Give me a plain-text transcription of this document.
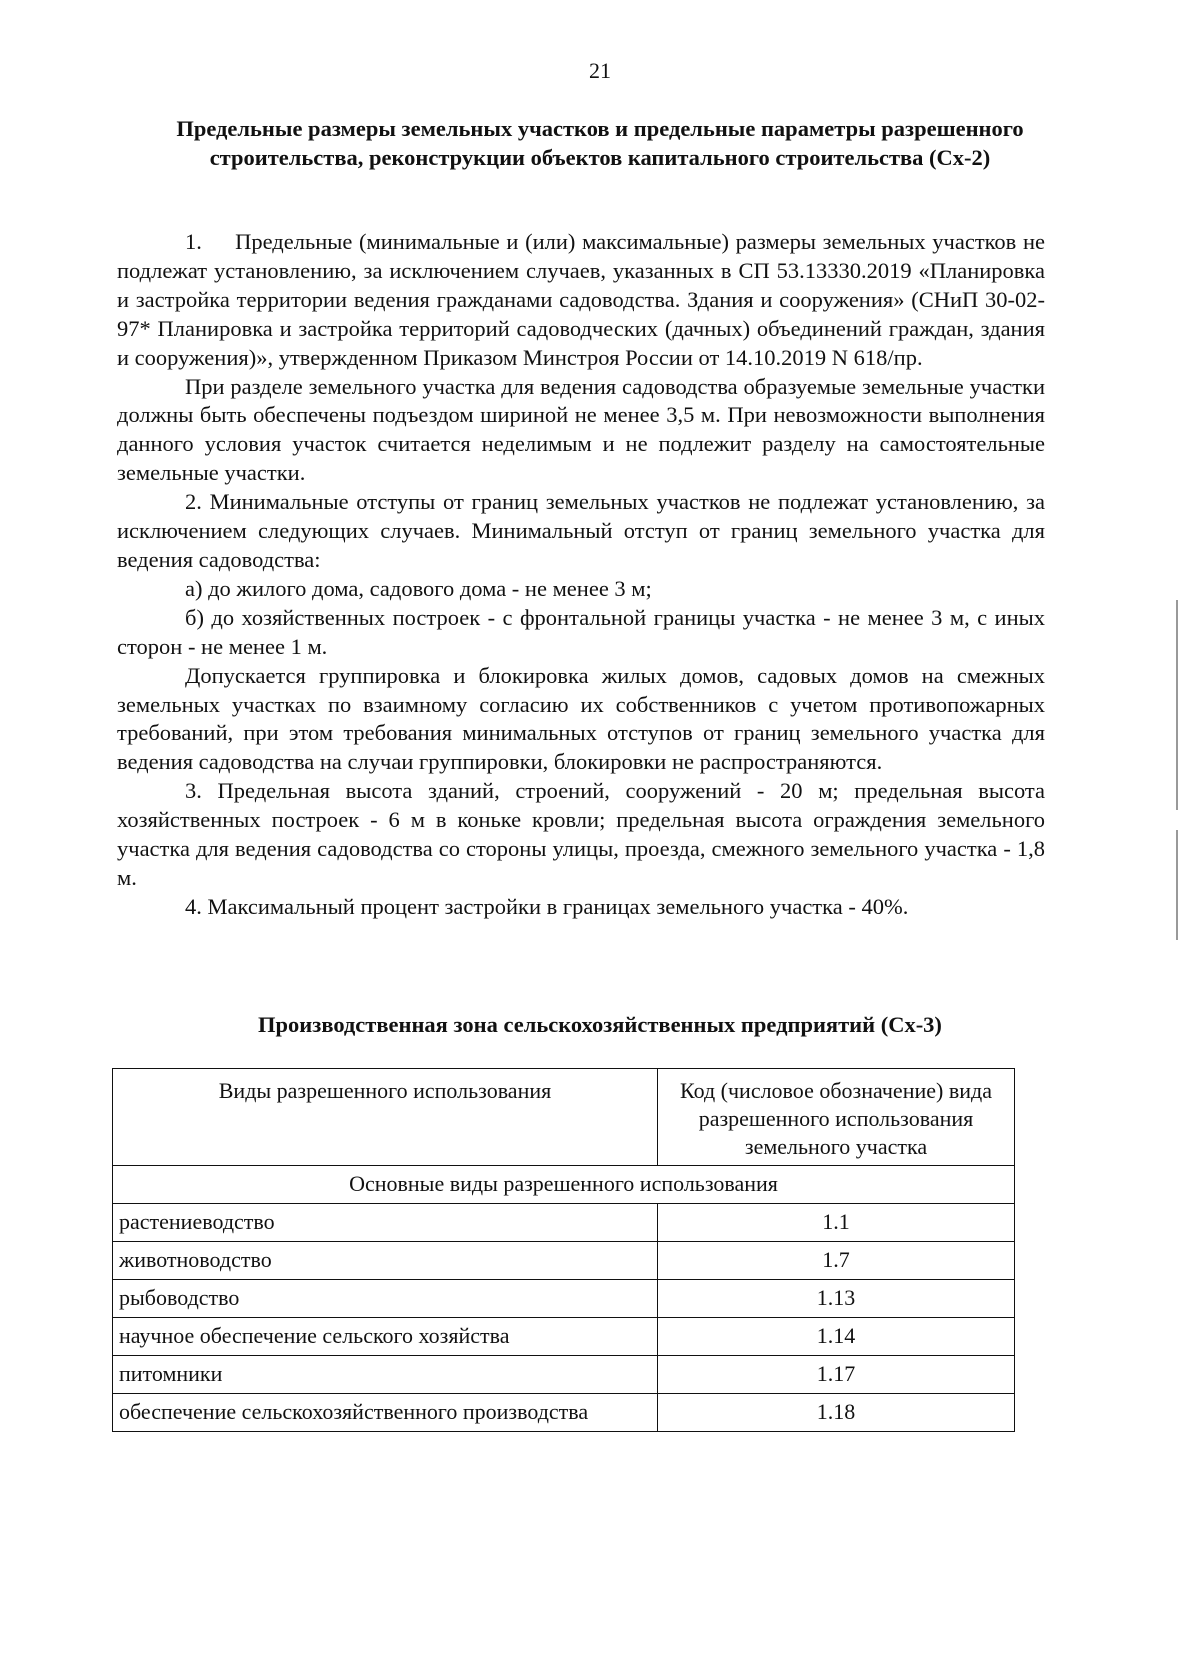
21
Предельные размеры земельных участков и предельные параметры разрешенного строительства, реконструкции объектов капитального строительства (Сх-2)

1.     Предельные (минимальные и (или) максимальные) размеры земельных участков не подлежат установлению, за исключением случаев, указанных в СП 53.13330.2019 «Планировка и застройка территории ведения гражданами садоводства. Здания и сооружения» (СНиП 30-02-97* Планировка и застройка территорий садоводческих (дачных) объединений граждан, здания и сооружения)», утвержденном Приказом Минстроя России от 14.10.2019 N 618/пр.

При разделе земельного участка для ведения садоводства образуемые земельные участки должны быть обеспечены подъездом шириной не менее 3,5 м. При невозможности выполнения данного условия участок считается неделимым и не подлежит разделу на самостоятельные земельные участки.

2. Минимальные отступы от границ земельных участков не подлежат установлению, за исключением следующих случаев. Минимальный отступ от границ земельного участка для ведения садоводства:

а) до жилого дома, садового дома - не менее 3 м;

б) до хозяйственных построек - с фронтальной границы участка - не менее 3 м, с иных сторон - не менее 1 м.

Допускается группировка и блокировка жилых домов, садовых домов на смежных земельных участках по взаимному согласию их собственников с учетом противопожарных требований, при этом требования минимальных отступов от границ земельного участка для ведения садоводства на случаи группировки, блокировки не распространяются.

3. Предельная высота зданий, строений, сооружений - 20 м; предельная высота хозяйственных построек - 6 м в коньке кровли; предельная высота ограждения земельного участка для ведения садоводства со стороны улицы, проезда, смежного земельного участка - 1,8 м.

4. Максимальный процент застройки в границах земельного участка - 40%.

Производственная зона сельскохозяйственных предприятий (Сх-3)
Виды разрешенного использования	Код (числовое обозначение) вида разрешенного использования земельного участка
Основные виды разрешенного использования	
растениеводство	1.1
животноводство	1.7
рыбоводство	1.13
научное обеспечение сельского хозяйства	1.14
питомники	1.17
обеспечение сельскохозяйственного производства	1.18
